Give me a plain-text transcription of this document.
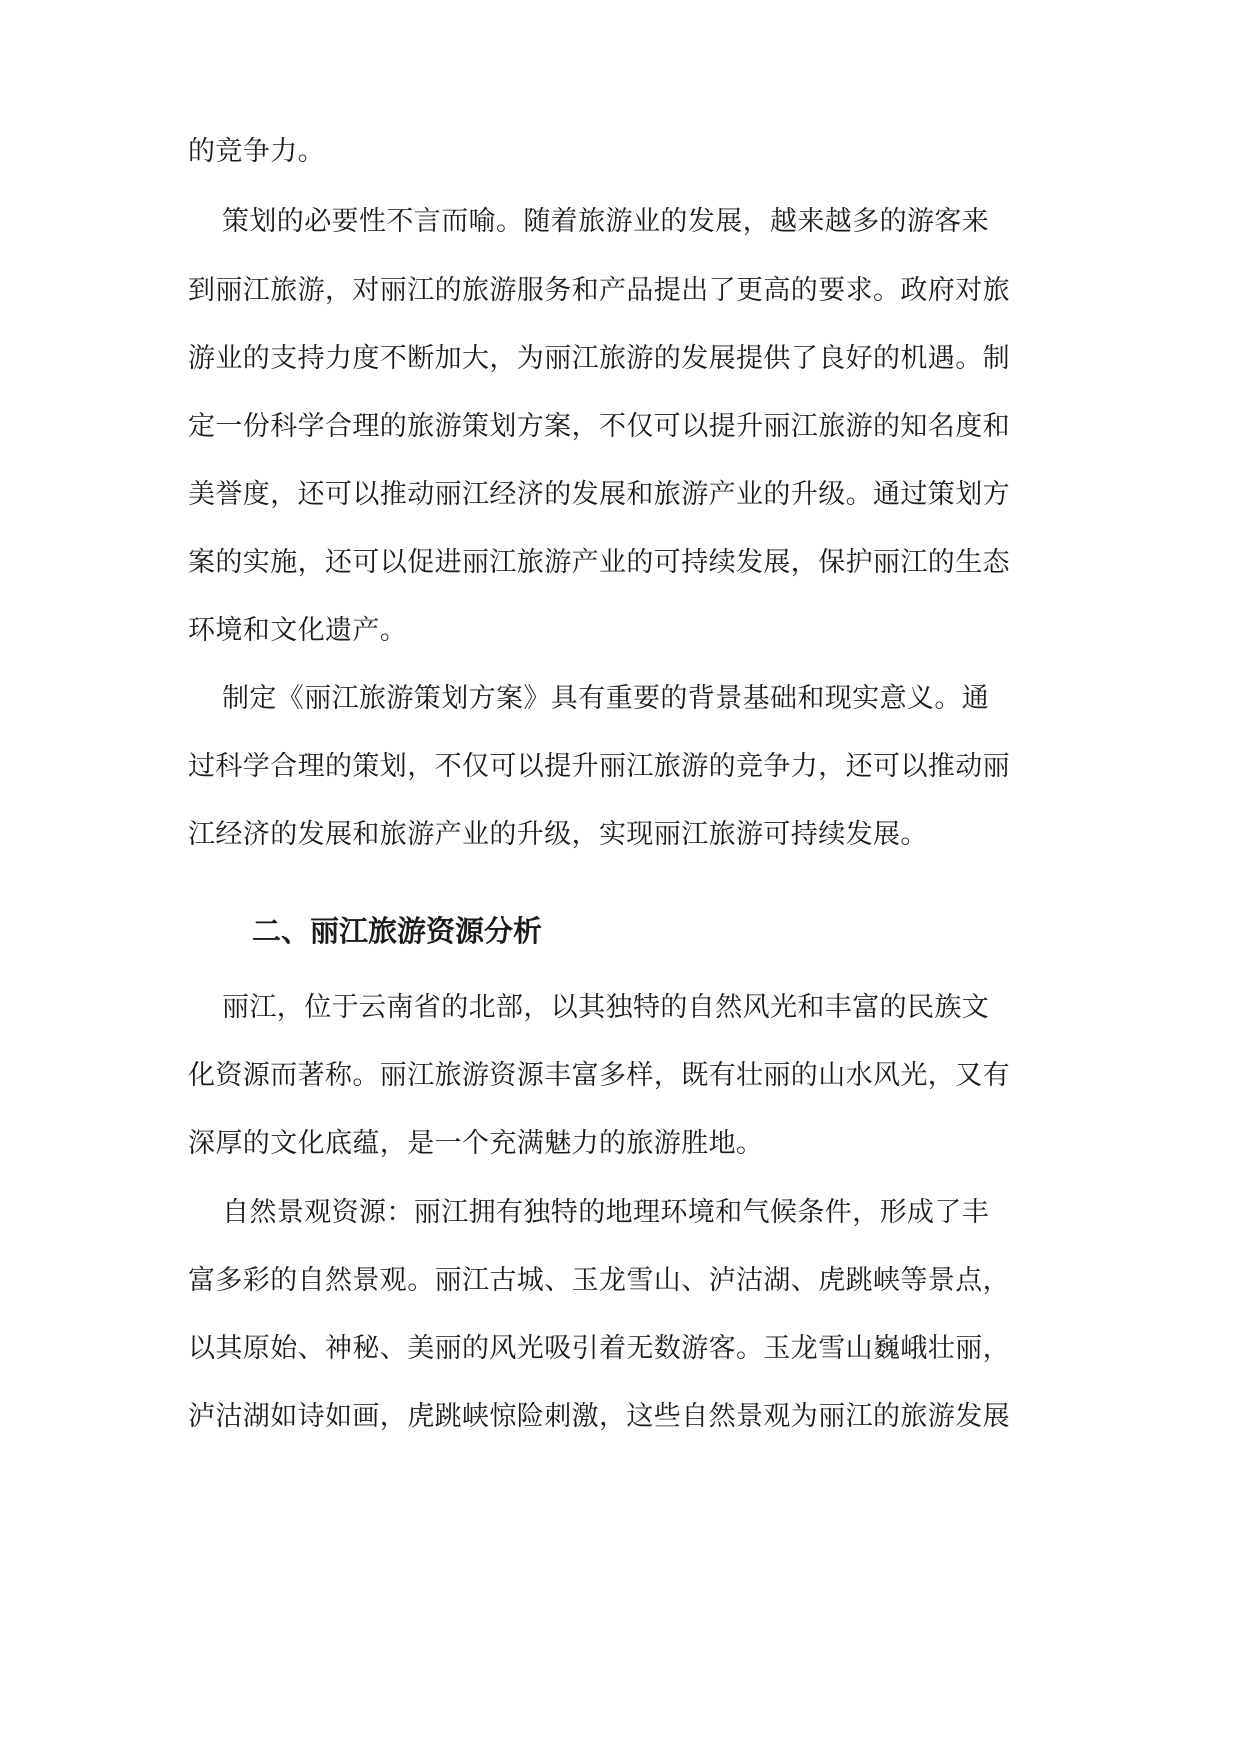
的竞争力。
策划的必要性不言而喻。随着旅游业的发展，越来越多的游客来
到丽江旅游，对丽江的旅游服务和产品提出了更高的要求。政府对旅
游业的支持力度不断加大，为丽江旅游的发展提供了良好的机遇。制
定一份科学合理的旅游策划方案，不仅可以提升丽江旅游的知名度和
美誉度，还可以推动丽江经济的发展和旅游产业的升级。通过策划方
案的实施，还可以促进丽江旅游产业的可持续发展，保护丽江的生态
环境和文化遗产。
制定《丽江旅游策划方案》具有重要的背景基础和现实意义。通
过科学合理的策划，不仅可以提升丽江旅游的竞争力，还可以推动丽
江经济的发展和旅游产业的升级，实现丽江旅游可持续发展。
二、丽江旅游资源分析
丽江，位于云南省的北部，以其独特的自然风光和丰富的民族文
化资源而著称。丽江旅游资源丰富多样，既有壮丽的山水风光，又有
深厚的文化底蕴，是一个充满魅力的旅游胜地。
自然景观资源：丽江拥有独特的地理环境和气候条件，形成了丰
富多彩的自然景观。丽江古城、玉龙雪山、泸沽湖、虎跳峡等景点，
以其原始、神秘、美丽的风光吸引着无数游客。玉龙雪山巍峨壮丽，
泸沽湖如诗如画，虎跳峡惊险刺激，这些自然景观为丽江的旅游发展
